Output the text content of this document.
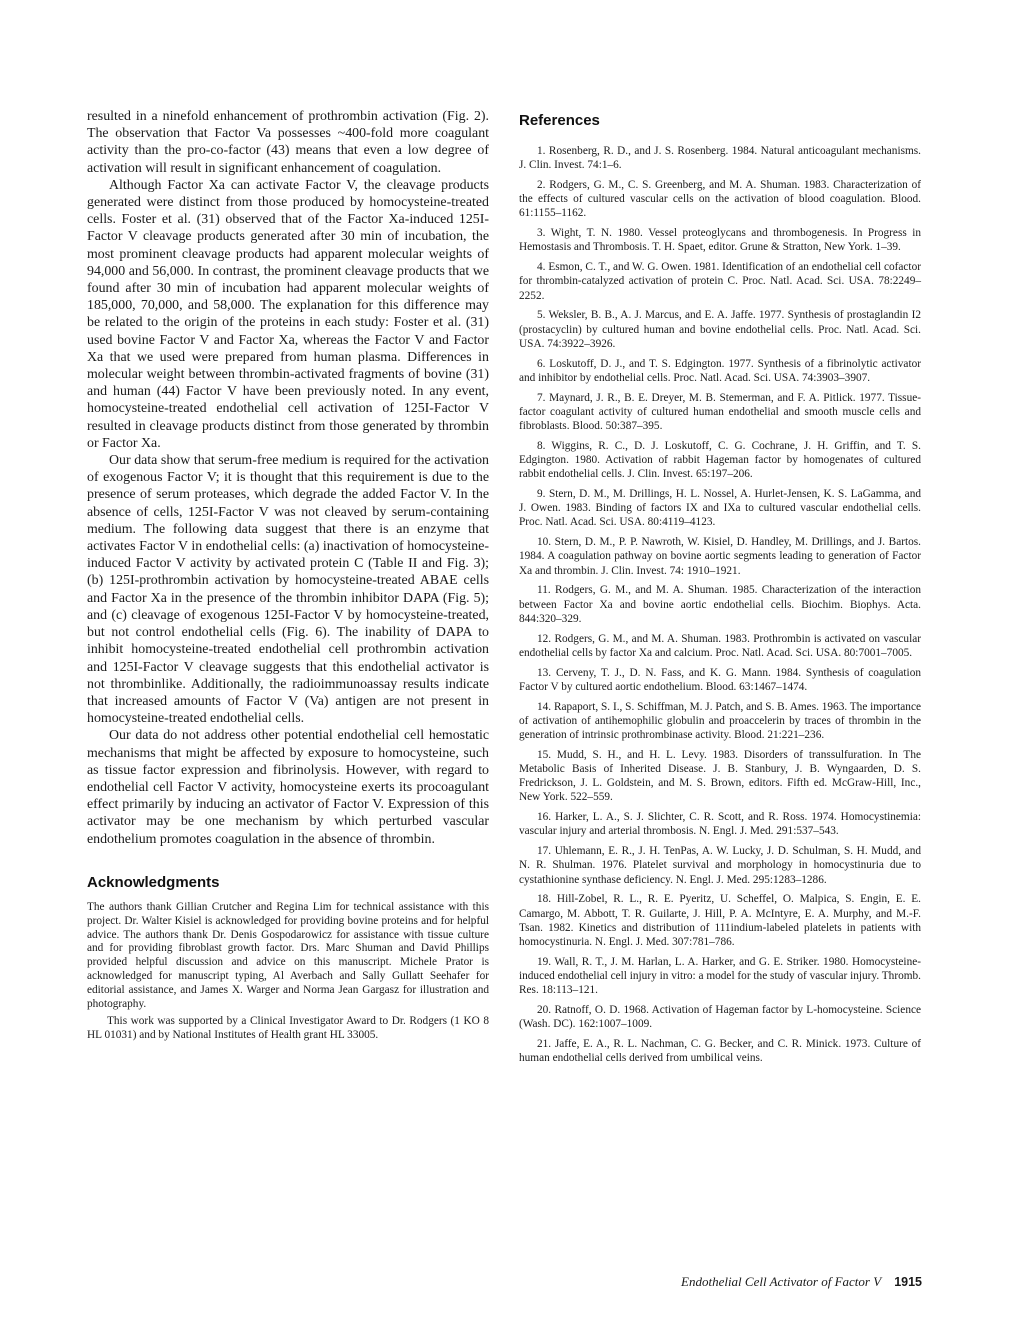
resulted in a ninefold enhancement of prothrombin activation (Fig. 2). The observation that Factor Va possesses ~400-fold more coagulant activity than the pro-co-factor (43) means that even a low degree of activation will result in significant enhancement of coagulation.

Although Factor Xa can activate Factor V, the cleavage products generated were distinct from those produced by homocysteine-treated cells. Foster et al. (31) observed that of the Factor Xa-induced 125I-Factor V cleavage products generated after 30 min of incubation, the most prominent cleavage products had apparent molecular weights of 94,000 and 56,000. In contrast, the prominent cleavage products that we found after 30 min of incubation had apparent molecular weights of 185,000, 70,000, and 58,000. The explanation for this difference may be related to the origin of the proteins in each study: Foster et al. (31) used bovine Factor V and Factor Xa, whereas the Factor V and Factor Xa that we used were prepared from human plasma. Differences in molecular weight between thrombin-activated fragments of bovine (31) and human (44) Factor V have been previously noted. In any event, homocysteine-treated endothelial cell activation of 125I-Factor V resulted in cleavage products distinct from those generated by thrombin or Factor Xa.

Our data show that serum-free medium is required for the activation of exogenous Factor V; it is thought that this requirement is due to the presence of serum proteases, which degrade the added Factor V. In the absence of cells, 125I-Factor V was not cleaved by serum-containing medium. The following data suggest that there is an enzyme that activates Factor V in endothelial cells: (a) inactivation of homocysteine-induced Factor V activity by activated protein C (Table II and Fig. 3); (b) 125I-prothrombin activation by homocysteine-treated ABAE cells and Factor Xa in the presence of the thrombin inhibitor DAPA (Fig. 5); and (c) cleavage of exogenous 125I-Factor V by homocysteine-treated, but not control endothelial cells (Fig. 6). The inability of DAPA to inhibit homocysteine-treated endothelial cell prothrombin activation and 125I-Factor V cleavage suggests that this endothelial activator is not thrombinlike. Additionally, the radioimmunoassay results indicate that increased amounts of Factor V (Va) antigen are not present in homocysteine-treated endothelial cells.

Our data do not address other potential endothelial cell hemostatic mechanisms that might be affected by exposure to homocysteine, such as tissue factor expression and fibrinolysis. However, with regard to endothelial cell Factor V activity, homocysteine exerts its procoagulant effect primarily by inducing an activator of Factor V. Expression of this activator may be one mechanism by which perturbed vascular endothelium promotes coagulation in the absence of thrombin.

Acknowledgments

The authors thank Gillian Crutcher and Regina Lim for technical assistance with this project. Dr. Walter Kisiel is acknowledged for providing bovine proteins and for helpful advice. The authors thank Dr. Denis Gospodarowicz for assistance with tissue culture and for providing fibroblast growth factor. Drs. Marc Shuman and David Phillips provided helpful discussion and advice on this manuscript. Michele Prator is acknowledged for manuscript typing, Al Averbach and Sally Gullatt Seehafer for editorial assistance, and James X. Warger and Norma Jean Gargasz for illustration and photography.

This work was supported by a Clinical Investigator Award to Dr. Rodgers (1 KO 8 HL 01031) and by National Institutes of Health grant HL 33005.

References
1. Rosenberg, R. D., and J. S. Rosenberg. 1984. Natural anticoagulant mechanisms. J. Clin. Invest. 74:1–6.
2. Rodgers, G. M., C. S. Greenberg, and M. A. Shuman. 1983. Characterization of the effects of cultured vascular cells on the activation of blood coagulation. Blood. 61:1155–1162.
3. Wight, T. N. 1980. Vessel proteoglycans and thrombogenesis. In Progress in Hemostasis and Thrombosis. T. H. Spaet, editor. Grune & Stratton, New York. 1–39.
4. Esmon, C. T., and W. G. Owen. 1981. Identification of an endothelial cell cofactor for thrombin-catalyzed activation of protein C. Proc. Natl. Acad. Sci. USA. 78:2249–2252.
5. Weksler, B. B., A. J. Marcus, and E. A. Jaffe. 1977. Synthesis of prostaglandin I2 (prostacyclin) by cultured human and bovine endothelial cells. Proc. Natl. Acad. Sci. USA. 74:3922–3926.
6. Loskutoff, D. J., and T. S. Edgington. 1977. Synthesis of a fibrinolytic activator and inhibitor by endothelial cells. Proc. Natl. Acad. Sci. USA. 74:3903–3907.
7. Maynard, J. R., B. E. Dreyer, M. B. Stemerman, and F. A. Pitlick. 1977. Tissue-factor coagulant activity of cultured human endothelial and smooth muscle cells and fibroblasts. Blood. 50:387–395.
8. Wiggins, R. C., D. J. Loskutoff, C. G. Cochrane, J. H. Griffin, and T. S. Edgington. 1980. Activation of rabbit Hageman factor by homogenates of cultured rabbit endothelial cells. J. Clin. Invest. 65:197–206.
9. Stern, D. M., M. Drillings, H. L. Nossel, A. Hurlet-Jensen, K. S. LaGamma, and J. Owen. 1983. Binding of factors IX and IXa to cultured vascular endothelial cells. Proc. Natl. Acad. Sci. USA. 80:4119–4123.
10. Stern, D. M., P. P. Nawroth, W. Kisiel, D. Handley, M. Drillings, and J. Bartos. 1984. A coagulation pathway on bovine aortic segments leading to generation of Factor Xa and thrombin. J. Clin. Invest. 74: 1910–1921.
11. Rodgers, G. M., and M. A. Shuman. 1985. Characterization of the interaction between Factor Xa and bovine aortic endothelial cells. Biochim. Biophys. Acta. 844:320–329.
12. Rodgers, G. M., and M. A. Shuman. 1983. Prothrombin is activated on vascular endothelial cells by factor Xa and calcium. Proc. Natl. Acad. Sci. USA. 80:7001–7005.
13. Cerveny, T. J., D. N. Fass, and K. G. Mann. 1984. Synthesis of coagulation Factor V by cultured aortic endothelium. Blood. 63:1467–1474.
14. Rapaport, S. I., S. Schiffman, M. J. Patch, and S. B. Ames. 1963. The importance of activation of antihemophilic globulin and proaccelerin by traces of thrombin in the generation of intrinsic prothrombinase activity. Blood. 21:221–236.
15. Mudd, S. H., and H. L. Levy. 1983. Disorders of transsulfuration. In The Metabolic Basis of Inherited Disease. J. B. Stanbury, J. B. Wyngaarden, D. S. Fredrickson, J. L. Goldstein, and M. S. Brown, editors. Fifth ed. McGraw-Hill, Inc., New York. 522–559.
16. Harker, L. A., S. J. Slichter, C. R. Scott, and R. Ross. 1974. Homocystinemia: vascular injury and arterial thrombosis. N. Engl. J. Med. 291:537–543.
17. Uhlemann, E. R., J. H. TenPas, A. W. Lucky, J. D. Schulman, S. H. Mudd, and N. R. Shulman. 1976. Platelet survival and morphology in homocystinuria due to cystathionine synthase deficiency. N. Engl. J. Med. 295:1283–1286.
18. Hill-Zobel, R. L., R. E. Pyeritz, U. Scheffel, O. Malpica, S. Engin, E. E. Camargo, M. Abbott, T. R. Guilarte, J. Hill, P. A. McIntyre, E. A. Murphy, and M.-F. Tsan. 1982. Kinetics and distribution of 111indium-labeled platelets in patients with homocystinuria. N. Engl. J. Med. 307:781–786.
19. Wall, R. T., J. M. Harlan, L. A. Harker, and G. E. Striker. 1980. Homocysteine-induced endothelial cell injury in vitro: a model for the study of vascular injury. Thromb. Res. 18:113–121.
20. Ratnoff, O. D. 1968. Activation of Hageman factor by L-homocysteine. Science (Wash. DC). 162:1007–1009.
21. Jaffe, E. A., R. L. Nachman, C. G. Becker, and C. R. Minick. 1973. Culture of human endothelial cells derived from umbilical veins.
Endothelial Cell Activator of Factor V 1915
